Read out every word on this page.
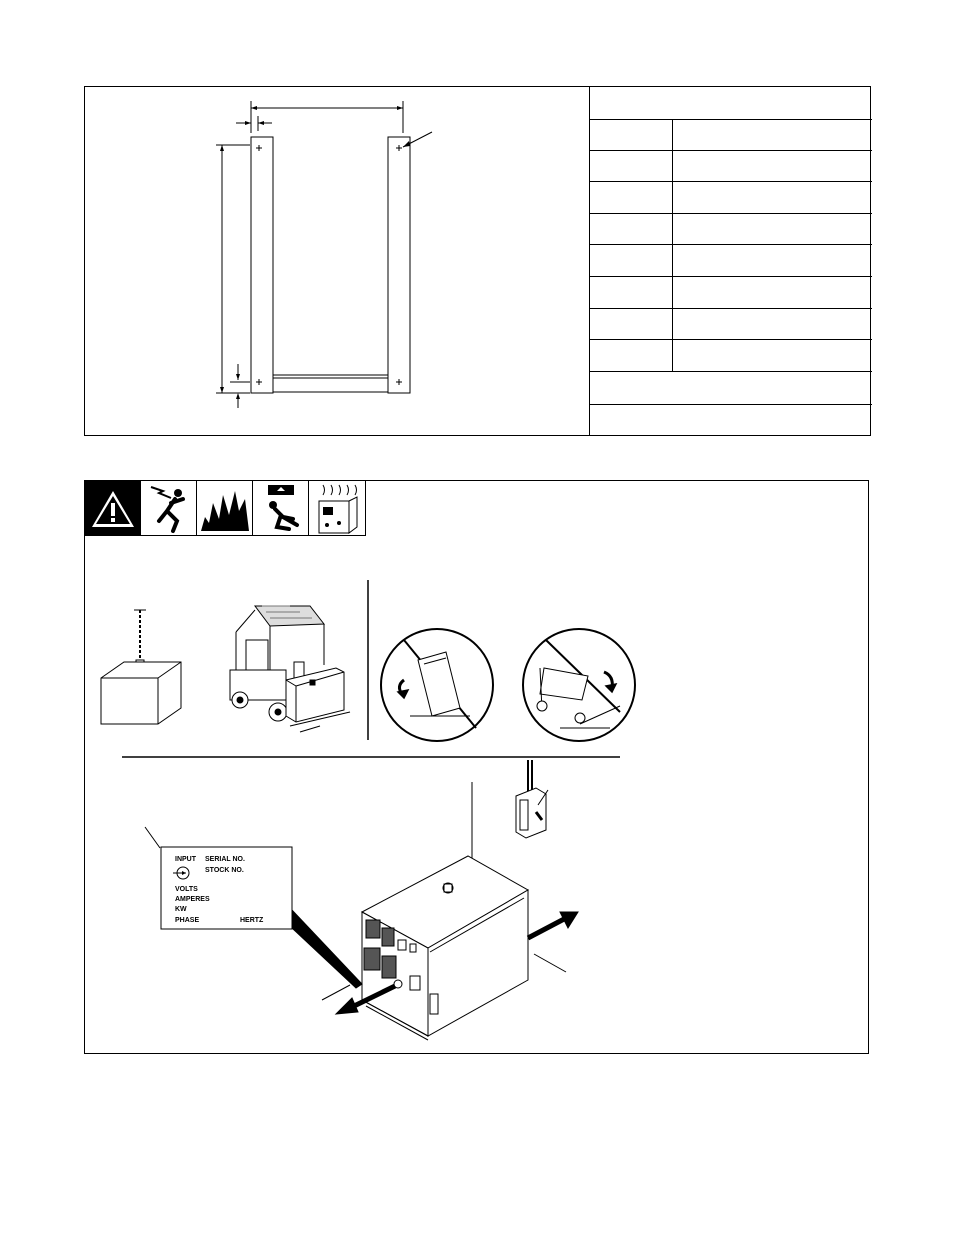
INPUT SERIAL NO.
STOCK NO.
VOLTS
AMPERES
KW
PHASE	HERTZ
